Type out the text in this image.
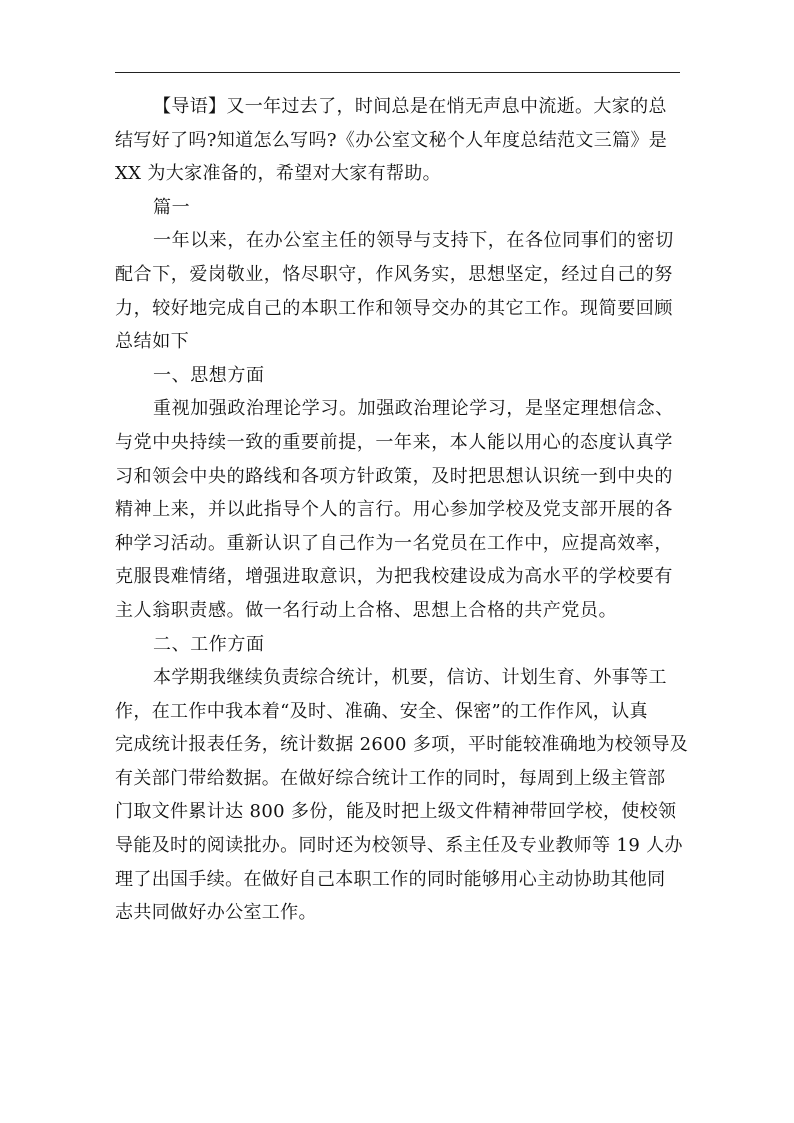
【导语】又一年过去了，时间总是在悄无声息中流逝。大家的总
结写好了吗?知道怎么写吗?《办公室文秘个人年度总结范文三篇》是
XX 为大家准备的，希望对大家有帮助。
篇一
一年以来，在办公室主任的领导与支持下，在各位同事们的密切
配合下，爱岗敬业，恪尽职守，作风务实，思想坚定，经过自己的努
力，较好地完成自己的本职工作和领导交办的其它工作。现简要回顾
总结如下
一、思想方面
重视加强政治理论学习。加强政治理论学习，是坚定理想信念、
与党中央持续一致的重要前提，一年来，本人能以用心的态度认真学
习和领会中央的路线和各项方针政策，及时把思想认识统一到中央的
精神上来，并以此指导个人的言行。用心参加学校及党支部开展的各
种学习活动。重新认识了自己作为一名党员在工作中，应提高效率，
克服畏难情绪，增强进取意识，为把我校建设成为高水平的学校要有
主人翁职责感。做一名行动上合格、思想上合格的共产党员。
二、工作方面
本学期我继续负责综合统计，机要，信访、计划生育、外事等工
作，在工作中我本着“及时、准确、安全、保密”的工作作风，认真
完成统计报表任务，统计数据 2600 多项，平时能较准确地为校领导及
有关部门带给数据。在做好综合统计工作的同时，每周到上级主管部
门取文件累计达 800 多份，能及时把上级文件精神带回学校，使校领
导能及时的阅读批办。同时还为校领导、系主任及专业教师等 19 人办
理了出国手续。在做好自己本职工作的同时能够用心主动协助其他同
志共同做好办公室工作。
